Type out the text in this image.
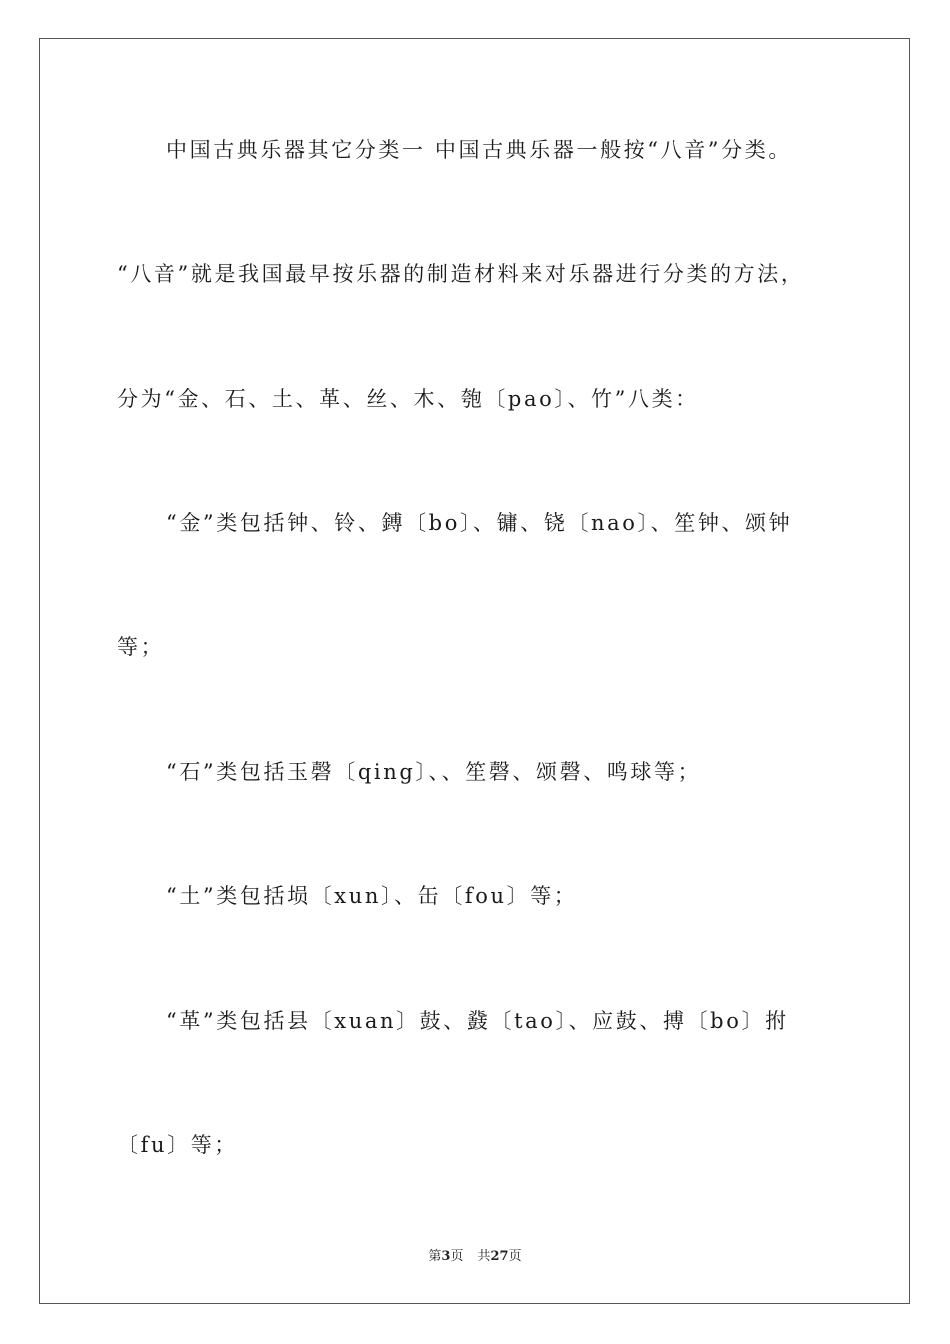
中国古典乐器其它分类一 中国古典乐器一般按“八音”分类。
“八音”就是我国最早按乐器的制造材料来对乐器进行分类的方法，
分为“金、石、土、革、丝、木、匏〔pao〕、竹”八类：
“金”类包括钟、铃、鎛〔bo〕、镛、铙〔nao〕、笙钟、颂钟
等；
“石”类包括玉磬〔qing〕、、笙磬、颂磬、鸣球等；
“土”类包括埙〔xun〕、缶〔fou〕等；
“革”类包括县〔xuan〕鼓、鼗〔tao〕、应鼓、搏〔bo〕拊
〔fu〕等；
第3页 共27页
